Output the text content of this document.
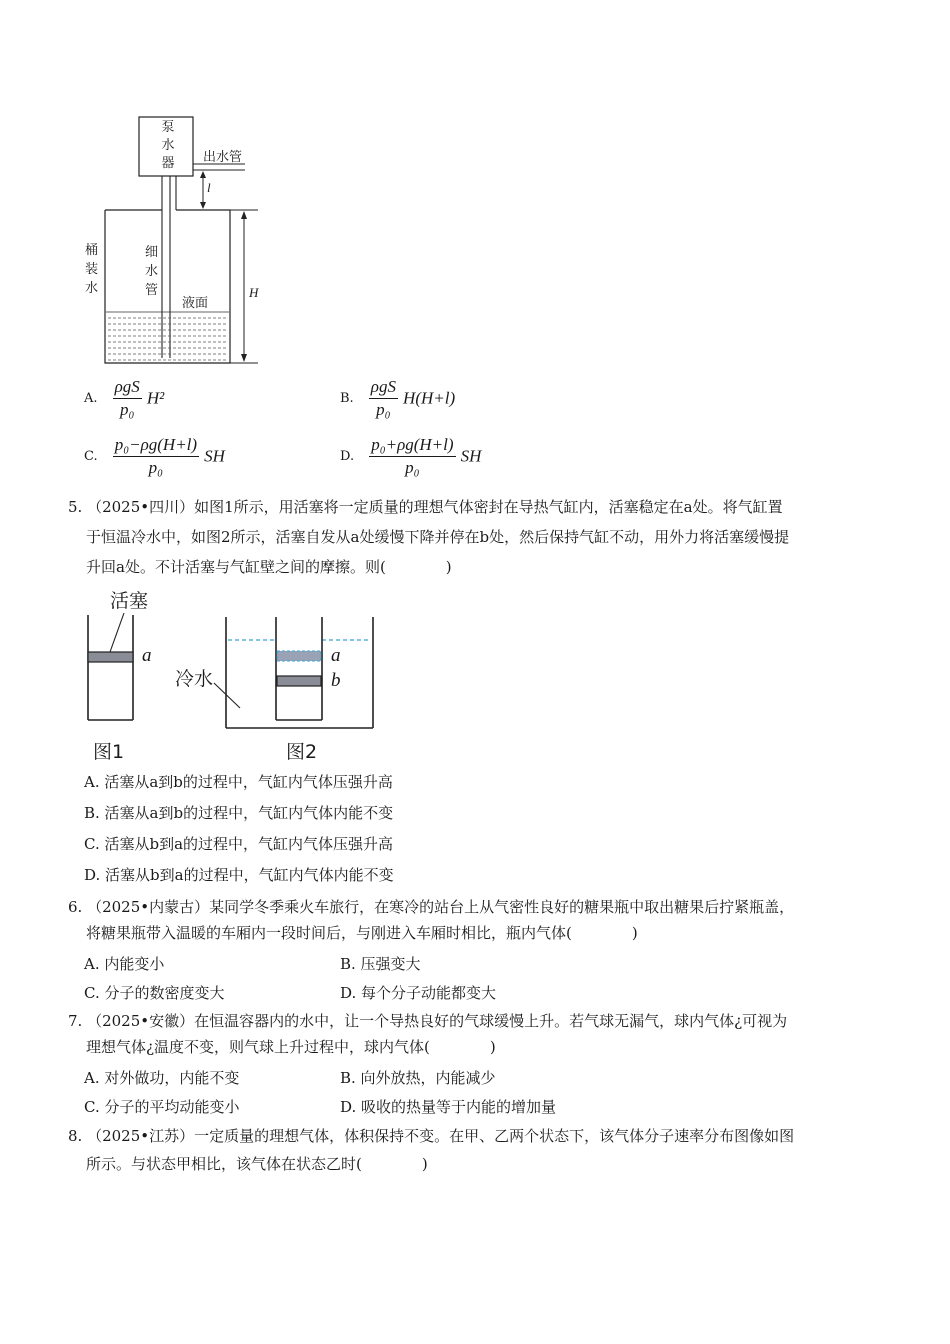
泵
水
器 出水管
l
桶
装
水
细
水
管
液面
H
A. $\frac{\text{ρgS}}{\text{p₀}} H^2$	B. $\frac{\text{ρgS}}{\text{p₀}} H(H+l)$
C. $\frac{\text{p₀−ρg(H+l)}}{\text{p₀}}$ SH	D. $\frac{\text{p₀+ρg(H+l)}}{\text{p₀}}$ SH
5. （2025•四川）如图1所示，用活塞将一定质量的理想气体密封在导热气缸内，活塞稳定在a处。将气缸置
于恒温冷水中，如图2所示，活塞自发从a处缓慢下降并停在b处，然后保持气缸不动，用外力将活塞缓慢提
升回a处。不计活塞与气缸壁之间的摩擦。则(　　　　)
活塞
a	a
b
冷水
图1	图2
A. 活塞从a到b的过程中，气缸内气体压强升高
B. 活塞从a到b的过程中，气缸内气体内能不变
C. 活塞从b到a的过程中，气缸内气体压强升高
D. 活塞从b到a的过程中，气缸内气体内能不变
6. （2025•内蒙古）某同学冬季乘火车旅行，在寒冷的站台上从气密性良好的糖果瓶中取出糖果后拧紧瓶盖，
将糖果瓶带入温暖的车厢内一段时间后，与刚进入车厢时相比，瓶内气体(　　　　)
A. 内能变小	B. 压强变大
C. 分子的数密度变大	D. 每个分子动能都变大
7. （2025•安徽）在恒温容器内的水中，让一个导热良好的气球缓慢上升。若气球无漏气，球内气体¿可视为
理想气体¿温度不变，则气球上升过程中，球内气体(　　　　)
A. 对外做功，内能不变	B. 向外放热，内能减少
C. 分子的平均动能变小	D. 吸收的热量等于内能的增加量
8. （2025•江苏）一定质量的理想气体，体积保持不变。在甲、乙两个状态下，该气体分子速率分布图像如图
所示。与状态甲相比，该气体在状态乙时(　　　　)
